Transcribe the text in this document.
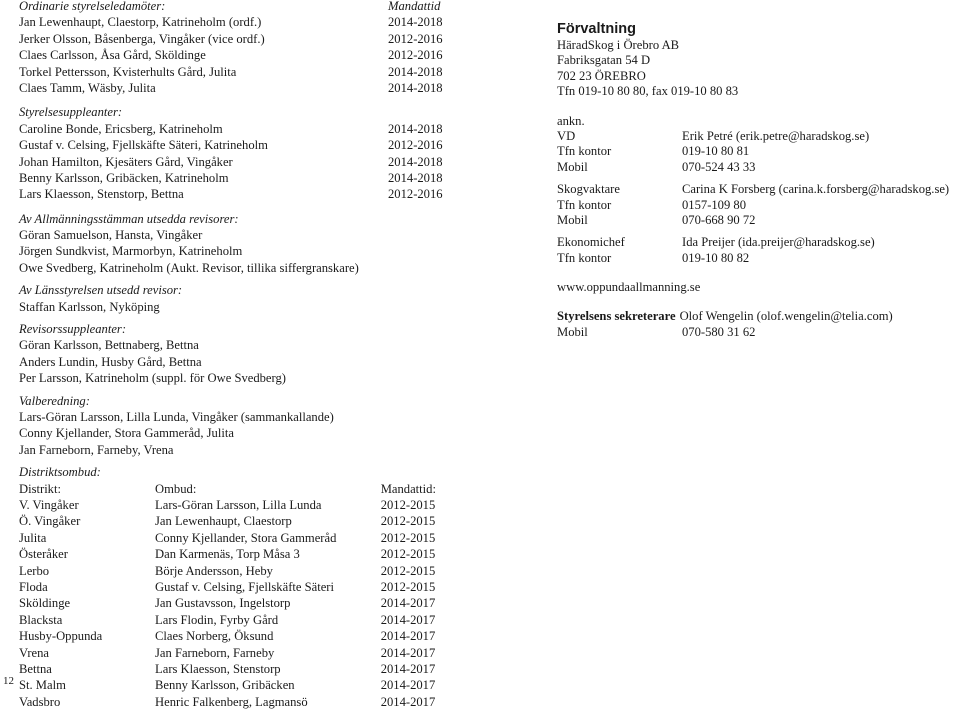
Ordinarie styrelseledamöter:	Mandattid
Jan Lewenhaupt, Claestorp, Katrineholm (ordf.)	2014-2018
Jerker Olsson, Båsenberga, Vingåker (vice ordf.)	2012-2016
Claes Carlsson, Åsa Gård, Sköldinge	2012-2016
Torkel Pettersson, Kvisterhults Gård, Julita	2014-2018
Claes Tamm, Wäsby, Julita	2014-2018
Styrelsesuppleanter:
Caroline Bonde, Ericsberg, Katrineholm	2014-2018
Gustaf v. Celsing, Fjellskäfte Säteri, Katrineholm	2012-2016
Johan Hamilton, Kjesäters Gård, Vingåker	2014-2018
Benny Karlsson, Gribäcken, Katrineholm	2014-2018
Lars Klaesson, Stenstorp, Bettna	2012-2016
Av Allmänningsstämman utsedda revisorer:
Göran Samuelson, Hansta, Vingåker
Jörgen Sundkvist, Marmorbyn, Katrineholm
Owe Svedberg, Katrineholm (Aukt. Revisor, tillika siffergranskare)
Av Länsstyrelsen utsedd revisor:
Staffan Karlsson, Nyköping
Revisorssuppleanter:
Göran Karlsson, Bettnaberg, Bettna
Anders Lundin, Husby Gård, Bettna
Per Larsson, Katrineholm (suppl. för Owe Svedberg)
Valberedning:
Lars-Göran Larsson, Lilla Lunda, Vingåker (sammankallande)
Conny Kjellander, Stora Gammeråd, Julita
Jan Farneborn, Farneby, Vrena
Distriktsombud:
Distrikt:	Ombud:	Mandattid:
V. Vingåker	Lars-Göran Larsson, Lilla Lunda	2012-2015
Ö. Vingåker	Jan Lewenhaupt, Claestorp	2012-2015
Julita	Conny Kjellander, Stora Gammeråd	2012-2015
Österåker	Dan Karmenäs, Torp Måsa 3	2012-2015
Lerbo	Börje Andersson, Heby	2012-2015
Floda	Gustaf v. Celsing, Fjellskäfte Säteri	2012-2015
Sköldinge	Jan Gustavsson, Ingelstorp	2014-2017
Blacksta	Lars Flodin, Fyrby Gård	2014-2017
Husby-Oppunda	Claes Norberg, Öksund	2014-2017
Vrena	Jan Farneborn, Farneby	2014-2017
Bettna	Lars Klaesson, Stenstorp	2014-2017
St. Malm	Benny Karlsson, Gribäcken	2014-2017
Vadsbro	Henric Falkenberg, Lagmansö	2014-2017
Förvaltning
HäradSkog i Örebro AB
Fabriksgatan 54 D
702 23 ÖREBRO
Tfn 019-10 80 80, fax 019-10 80 83
ankn.
VD	Erik Petré (erik.petre@haradskog.se)
Tfn kontor	019-10 80 81
Mobil	070-524 43 33
Skogvaktare	Carina K Forsberg (carina.k.forsberg@haradskog.se)
Tfn kontor	0157-109 80
Mobil	070-668 90 72
Ekonomichef	Ida Preijer (ida.preijer@haradskog.se)
Tfn kontor	019-10 80 82
www.oppundaallmanning.se
Styrelsens sekreterare Olof Wengelin (olof.wengelin@telia.com)
Mobil	070-580 31 62
12
